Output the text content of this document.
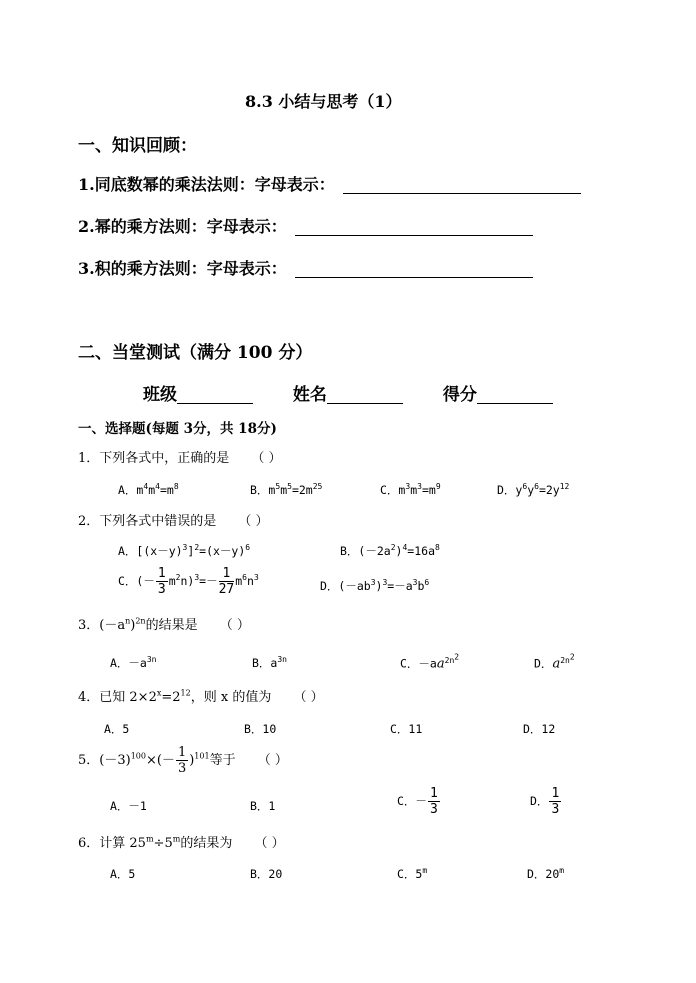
8.3 小结与思考（1）
一、知识回顾：
1.同底数幂的乘法法则：字母表示：
2.幂的乘方法则：字母表示：
3.积的乘方法则：字母表示：
二、当堂测试（满分 100 分）
班级	姓名	得分
一、选择题(每题 3分，共 18分)
1．下列各式中，正确的是 （ ）
A．$m^4m^4=m^8$	B．$m^5m^5=2m^{25}$	C．$m^3m^3=m^9$	D．$y^6y^6=2y^{12}$
2．下列各式中错误的是 （ ）
A．$[(x-y)^3]^2=(x-y)^6$	B．$(-2a^2)^4=16a^8$
C．(－ $\frac{1}{3} m^2n)^3=- \frac{1}{27} m^6n^3$
D．$(-ab^3)^3=-a^3b^6$
3．$(-a^n)^{2n}$的结果是 （ ）
A．$-a^{3n}$	B．$a^{3n}$	C．$-aa^{2n^2}$	D．$a^{2n^2}$
4．已知 $2\times 2^x=2^{12}$，则 x 的值为 （ ）
A．5	B．10	C．11	D．12
5．$(-3)^{100}\times(- \frac{1}{3} )^{101}$等于 （ ）
A．－1	B．1	C．－ $\frac{1}{3}$	D． $\frac{1}{3}$
6．计算 $25^m\div 5^m$的结果为 （ ）
A．5	B．20	C．5$^m$	D．20$^m$
